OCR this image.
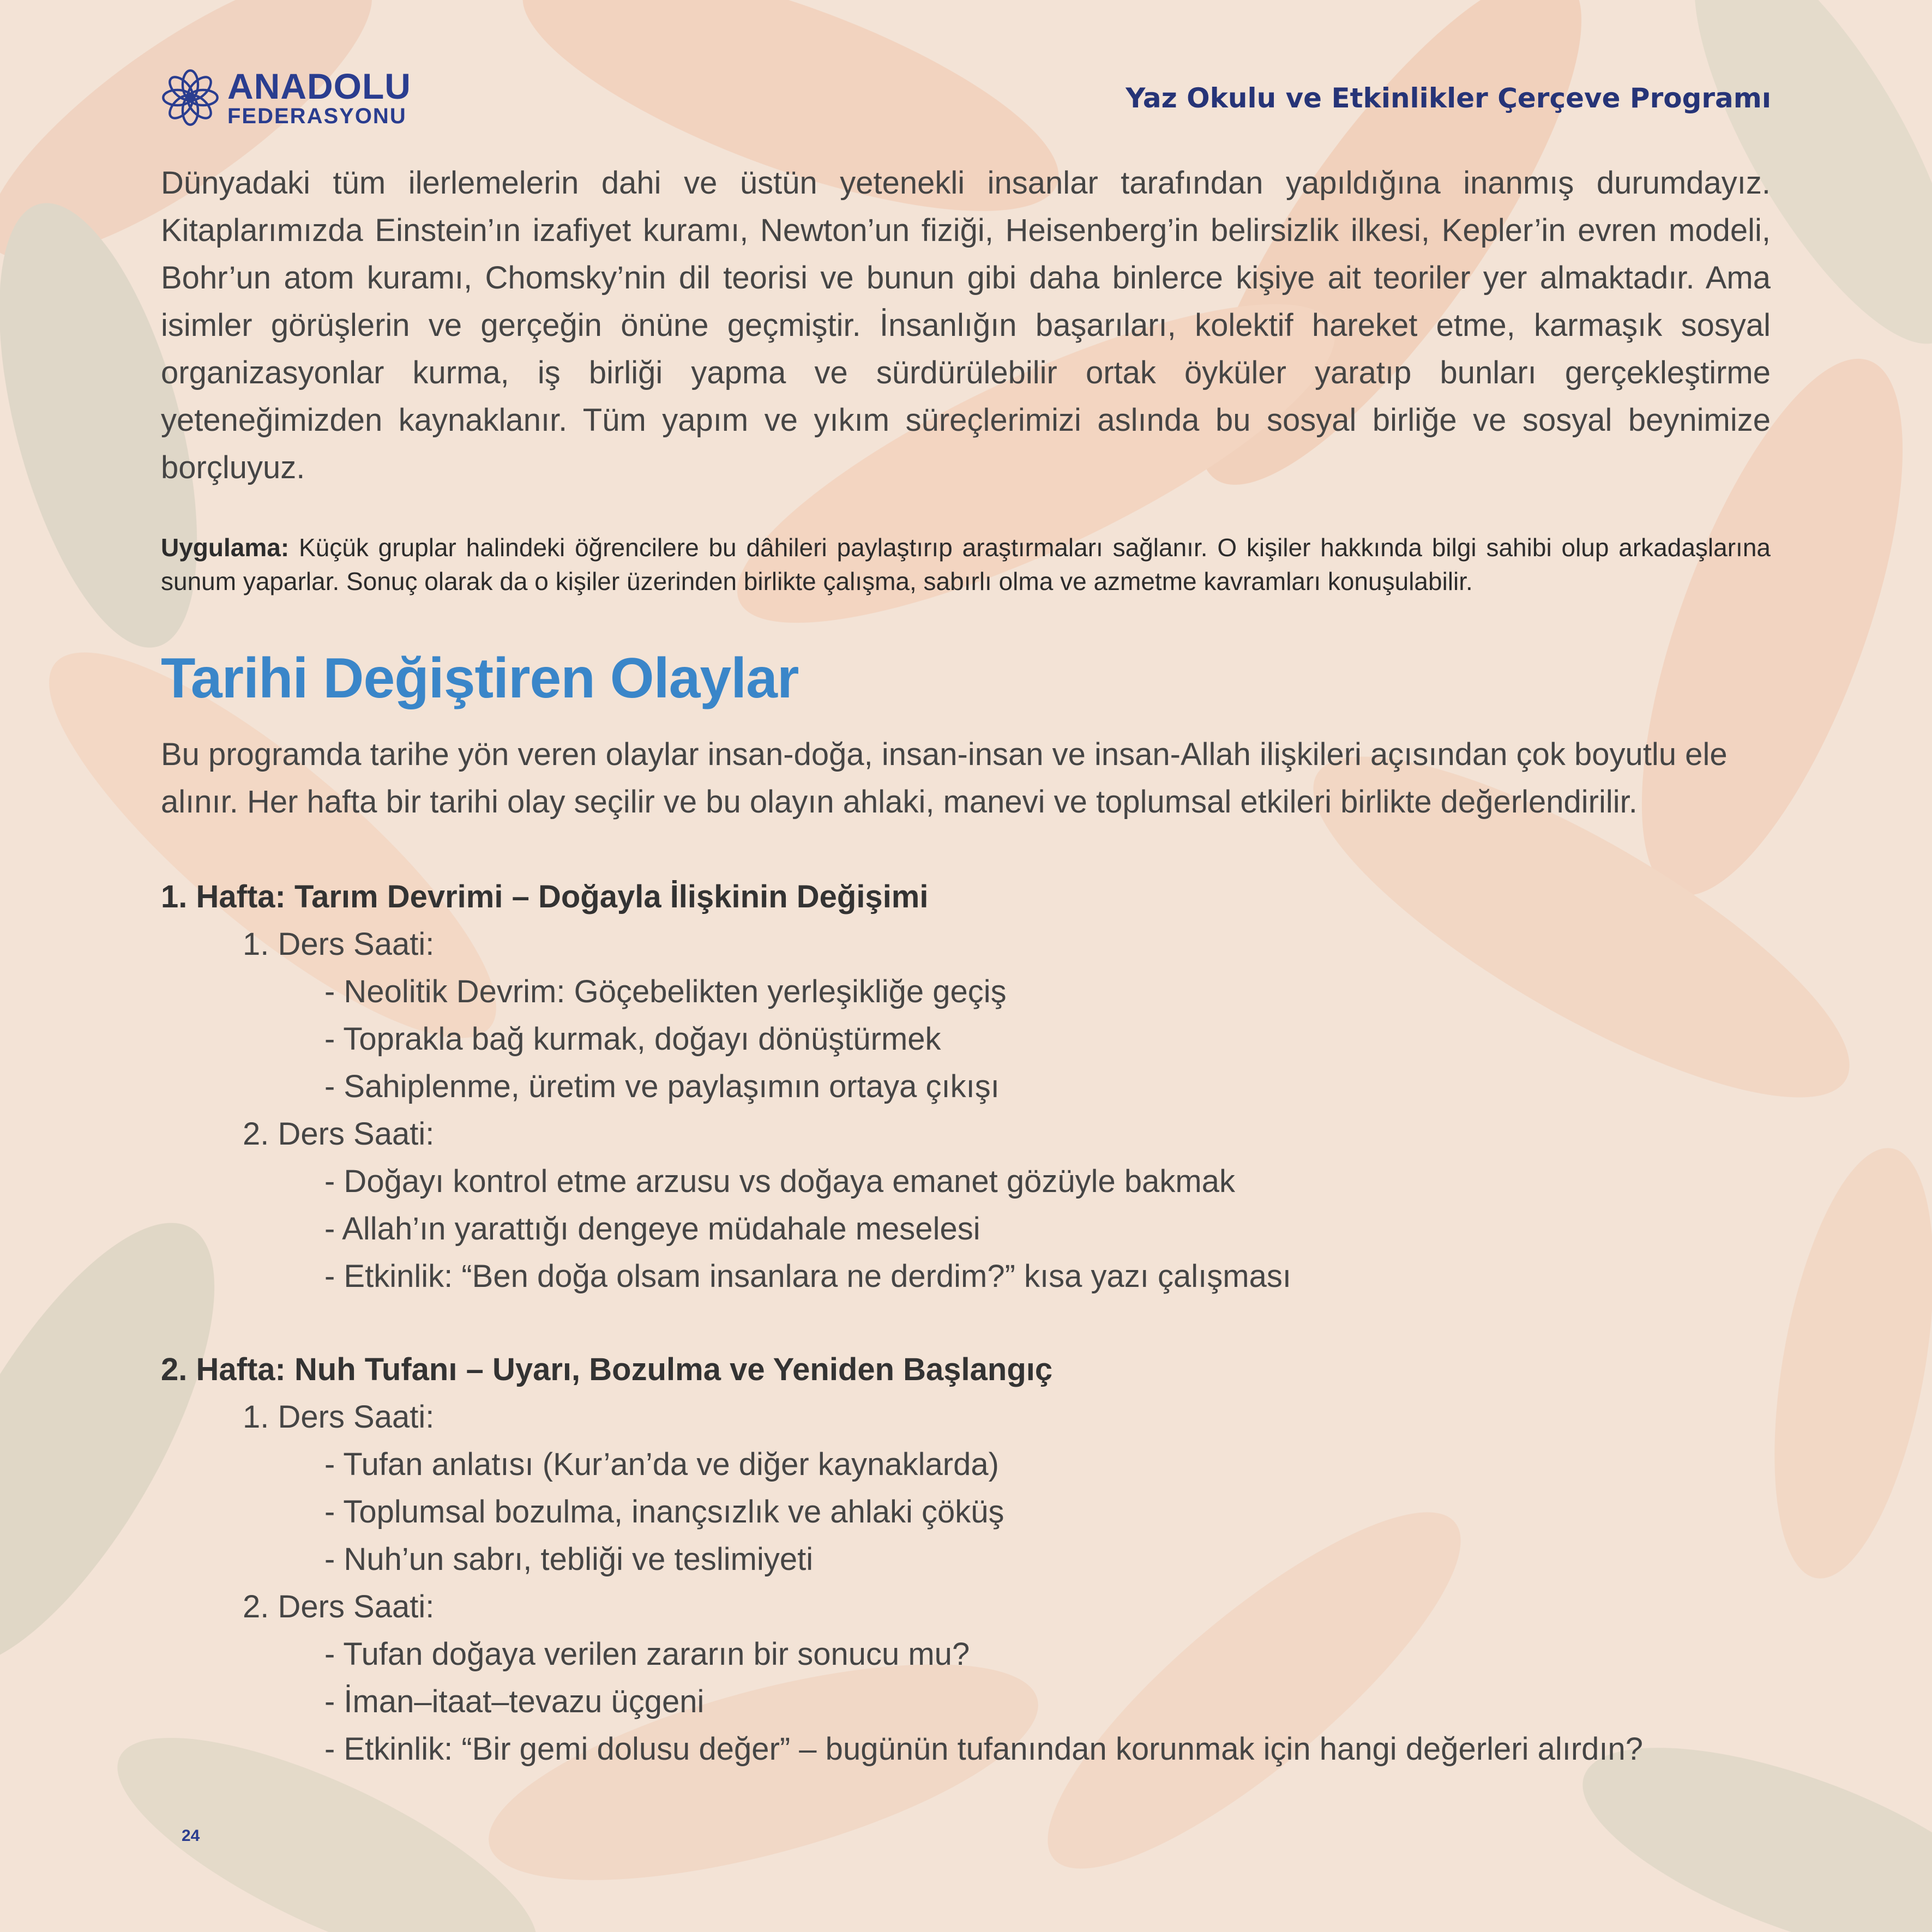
ANADOLU
FEDERASYONU
Yaz Okulu ve Etkinlikler Çerçeve Programı

Dünyadaki tüm ilerlemelerin dahi ve üstün yetenekli insanlar tarafından yapıldığına inanmış durumdayız. Kitaplarımızda Einstein’ın izafiyet kuramı, Newton’un fiziği, Heisenberg’in belirsizlik ilkesi, Kepler’in evren modeli, Bohr’un atom kuramı, Chomsky’nin dil teorisi ve bunun gibi daha binlerce kişiye ait teoriler yer almaktadır. Ama isimler görüşlerin ve gerçeğin önüne geçmiştir. İnsanlığın başarıları, kolektif hareket etme, karmaşık sosyal organizasyonlar kurma, iş birliği yapma ve sürdürülebilir ortak öyküler yaratıp bunları gerçekleştirme yeteneğimizden kaynaklanır. Tüm yapım ve yıkım süreçlerimizi aslında bu sosyal birliğe ve sosyal beynimize borçluyuz.

Uygulama: Küçük gruplar halindeki öğrencilere bu dâhileri paylaştırıp araştırmaları sağlanır. O kişiler hakkında bilgi sahibi olup arkadaşlarına sunum yaparlar. Sonuç olarak da o kişiler üzerinden birlikte çalışma, sabırlı olma ve azmetme kavramları konuşulabilir.

Tarihi Değiştiren Olaylar

Bu programda tarihe yön veren olaylar insan-doğa, insan-insan ve insan-Allah ilişkileri açısından çok boyutlu ele alınır. Her hafta bir tarihi olay seçilir ve bu olayın ahlaki, manevi ve toplumsal etkileri birlikte değerlendirilir.

1. Hafta: Tarım Devrimi – Doğayla İlişkinin Değişimi

1. Ders Saati:

- Neolitik Devrim: Göçebelikten yerleşikliğe geçiş

- Toprakla bağ kurmak, doğayı dönüştürmek

- Sahiplenme, üretim ve paylaşımın ortaya çıkışı

2. Ders Saati:

- Doğayı kontrol etme arzusu vs doğaya emanet gözüyle bakmak

- Allah’ın yarattığı dengeye müdahale meselesi

- Etkinlik: “Ben doğa olsam insanlara ne derdim?” kısa yazı çalışması

2. Hafta: Nuh Tufanı – Uyarı, Bozulma ve Yeniden Başlangıç

1. Ders Saati:

- Tufan anlatısı (Kur’an’da ve diğer kaynaklarda)

- Toplumsal bozulma, inançsızlık ve ahlaki çöküş

- Nuh’un sabrı, tebliği ve teslimiyeti

2. Ders Saati:

- Tufan doğaya verilen zararın bir sonucu mu?

- İman–itaat–tevazu üçgeni

- Etkinlik: “Bir gemi dolusu değer” – bugünün tufanından korunmak için hangi değerleri alırdın?

24
